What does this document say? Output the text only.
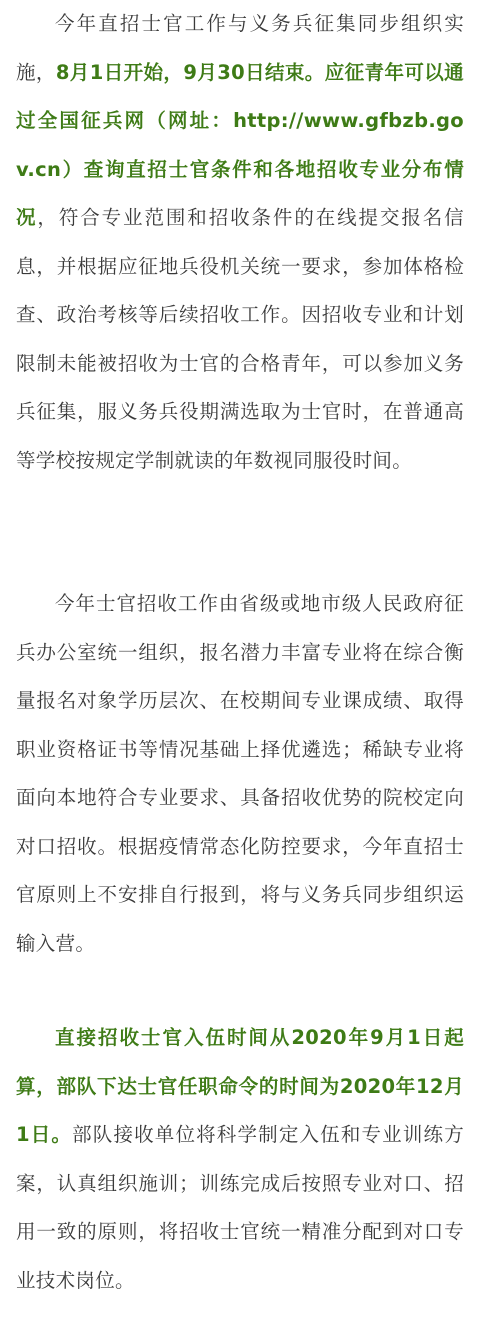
今年直招士官工作与义务兵征集同步组织实施，8月1日开始，9月30日结束。应征青年可以通过全国征兵网（网址：http://www.gfbzb.gov.cn）查询直招士官条件和各地招收专业分布情况，符合专业范围和招收条件的在线提交报名信息，并根据应征地兵役机关统一要求，参加体格检查、政治考核等后续招收工作。因招收专业和计划限制未能被招收为士官的合格青年，可以参加义务兵征集，服义务兵役期满选取为士官时，在普通高等学校按规定学制就读的年数视同服役时间。

今年士官招收工作由省级或地市级人民政府征兵办公室统一组织，报名潜力丰富专业将在综合衡量报名对象学历层次、在校期间专业课成绩、取得职业资格证书等情况基础上择优遴选；稀缺专业将面向本地符合专业要求、具备招收优势的院校定向对口招收。根据疫情常态化防控要求，今年直招士官原则上不安排自行报到，将与义务兵同步组织运输入营。

直接招收士官入伍时间从2020年9月1日起算，部队下达士官任职命令的时间为2020年12月1日。部队接收单位将科学制定入伍和专业训练方案，认真组织施训；训练完成后按照专业对口、招用一致的原则，将招收士官统一精准分配到对口专业技术岗位。
